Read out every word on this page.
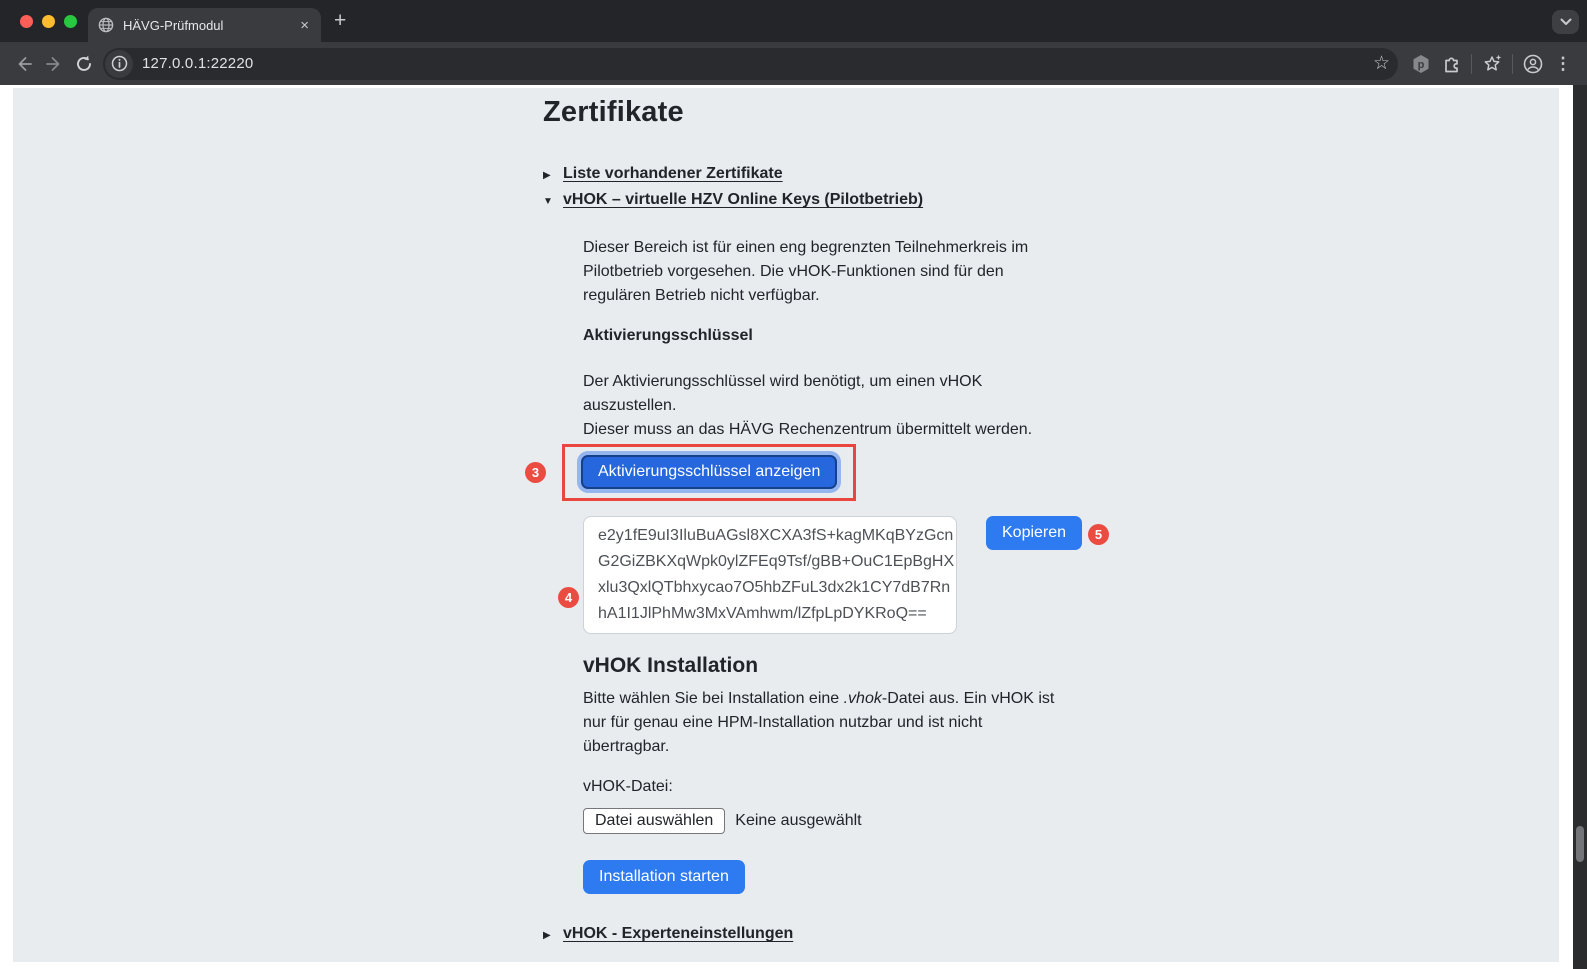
HÄVG-Prüfmodul	× +
127.0.0.1:22220	☆	p	⋮
Zertifikate
▶ Liste vorhandener Zertifikate
▼ vHOK – virtuelle HZV Online Keys (Pilotbetrieb)

Dieser Bereich ist für einen eng begrenzten Teilnehmerkreis im Pilotbetrieb vorgesehen. Die vHOK-Funktionen sind für den regulären Betrieb nicht verfügbar.

Aktivierungsschlüssel

Der Aktivierungsschlüssel wird benötigt, um einen vHOK auszustellen.
Dieser muss an das HÄVG Rechenzentrum übermittelt werden.

3	Aktivierungsschlüssel anzeigen
4
e2y1fE9uI3IluBuAGsl8XCXA3fS+kagMKqBYzGcn
G2GiZBKXqWpk0ylZFEq9Tsf/gBB+OuC1EpBgHX
xlu3QxlQTbhxycao7O5hbZFuL3dx2k1CY7dB7Rn
hA1I1JlPhMw3MxVAmhwm/lZfpLpDYKRoQ==
Kopieren	5
vHOK Installation

Bitte wählen Sie bei Installation eine .vhok-Datei aus. Ein vHOK ist nur für genau eine HPM-Installation nutzbar und ist nicht übertragbar.

vHOK-Datei:

Datei auswählen	Keine ausgewählt
Installation starten
▶ vHOK - Experteneinstellungen
